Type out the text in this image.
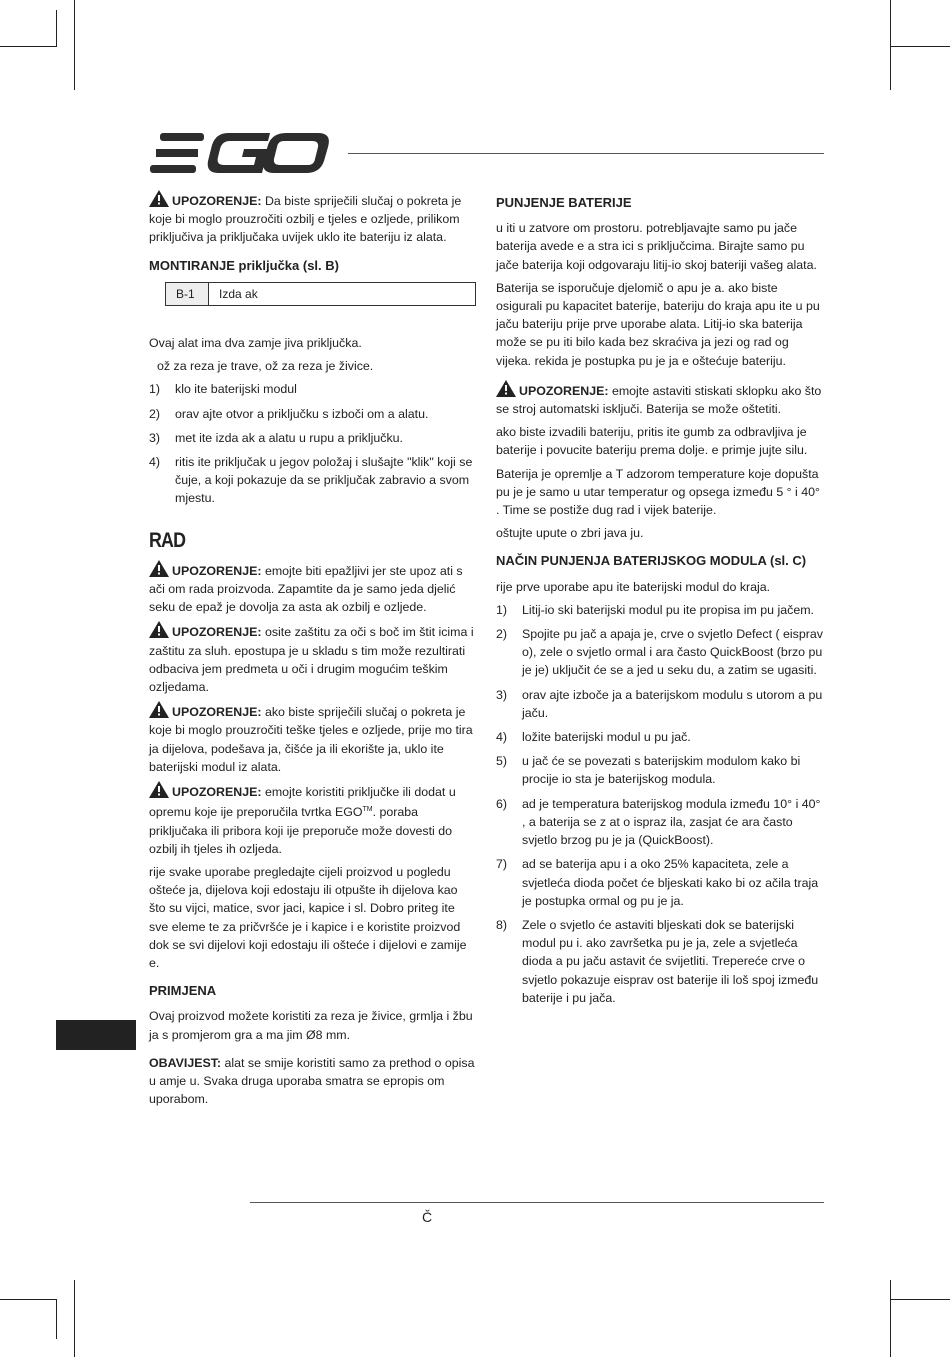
UPOZORENJE: Da biste spriječili slučaj o pokreta je koje bi moglo prouzročiti ozbilj e tjeles e ozljede, prilikom priključiva ja priključaka uvijek uklo ite bateriju iz alata.

MONTIRANJE priključka (sl. B)
B-1	Izda ak

Ovaj alat ima dva zamje jiva priključka.

ož za reza je trave, ož za reza je živice.

1) klo ite baterijski modul
2) orav ajte otvor a priključku s izboči om a alatu.
3) met ite izda ak a alatu u rupu a priključku.
4) ritis ite priključak u jegov položaj i slušajte "klik" koji se čuje, a koji pokazuje da se priključak zabravio a svom mjestu.
RAD

UPOZORENJE: emojte biti epažljivi jer ste upoz ati s ači om rada proizvoda. Zapamtite da je samo jeda djelić seku de epaž je dovolja za asta ak ozbilj e ozljede.

UPOZORENJE: osite zaštitu za oči s boč im štit icima i zaštitu za sluh. epostupa je u skladu s tim može rezultirati odbaciva jem predmeta u oči i drugim mogućim teškim ozljedama.

UPOZORENJE: ako biste spriječili slučaj o pokreta je koje bi moglo prouzročiti teške tjeles e ozljede, prije mo tira ja dijelova, podešava ja, čišće ja ili ekorište ja, uklo ite baterijski modul iz alata.

UPOZORENJE: emojte koristiti priključke ili dodat u opremu koje ije preporučila tvrtka EGO™. poraba priključaka ili pribora koji ije preporuče može dovesti do ozbilj ih tjeles ih ozljeda.

rije svake uporabe pregledajte cijeli proizvod u pogledu oštećе ja, dijelova koji edostaju ili otpušte ih dijelova kao što su vijci, matice, svor jaci, kapice i sl. Dobro priteg ite sve eleme te za pričvršće je i kapice i e koristite proizvod dok se svi dijelovi koji edostaju ili oštećе i dijelovi e zamije e.

PRIMJENA

Ovaj proizvod možete koristiti za reza je živice, grmlja i žbu ja s promjerom gra a ma jim Ø8 mm.

OBAVIJEST: alat se smije koristiti samo za prethod o opisa u amje u. Svaka druga uporaba smatra se epropis om uporabom.

PUNJENJE BATERIJE

u iti u zatvore om prostoru. potrebljavajte samo pu jače baterija avede e a stra ici s priključcima. Birajte samo pu jače baterija koji odgovaraju litij-io skoj bateriji vašeg alata.

Baterija se isporučuje djelomič o apu je a. ako biste osigurali pu kapacitet baterije, bateriju do kraja apu ite u pu jaču bateriju prije prve uporabe alata. Litij-io ska baterija može se pu iti bilo kada bez skraćiva ja jezi og rad og vijeka. rekida je postupka pu je ja e oštećuje bateriju.

UPOZORENJE: emojte astaviti stiskati sklopku ako što se stroj automatski isključi. Baterija se može oštetiti.

ako biste izvadili bateriju, pritis ite gumb za odbravljiva je baterije i povucite bateriju prema dolje. e primje jujte silu.

Baterija je opremlje a T adzorom temperature koje dopušta pu je je samo u utar temperatur og opsega između 5 ° i 40° . Time se postiže dug rad i vijek baterije.

oštujte upute o zbri java ju.

NAČIN PUNJENJA BATERIJSKOG MODULA (sl. C)

rije prve uporabe apu ite baterijski modul do kraja.

1) Litij-io ski baterijski modul pu ite propisa im pu jačem.
2) Spojite pu jač a apaja je, crve o svjetlo Defect ( eisprav o), zele o svjetlo ormal i ara často QuickBoost (brzo pu je je) uključit će se a jed u seku du, a zatim se ugasiti.
3) orav ajte izboče ja a baterijskom modulu s utorom a pu jaču.
4) ložite baterijski modul u pu jač.
5) u jač će se povezati s baterijskim modulom kako bi procije io sta je baterijskog modula.
6) ad je temperatura baterijskog modula između 10° i 40° , a baterija se z at o ispraz ila, zasjat će ara často svjetlo brzog pu je ja (QuickBoost).
7) ad se baterija apu i a oko 25% kapaciteta, zele a svjetleća dioda počet će bljeskati kako bi oz ačila traja je postupka ormal og pu je ja.
8) Zele o svjetlo će astaviti bljeskati dok se baterijski modul pu i. ako završetka pu je ja, zele a svjetleća dioda a pu jaču astavit će svijetliti. Treperеće crve o svjetlo pokazuje eisprav ost baterije ili loš spoj između baterije i pu jača.
Č
